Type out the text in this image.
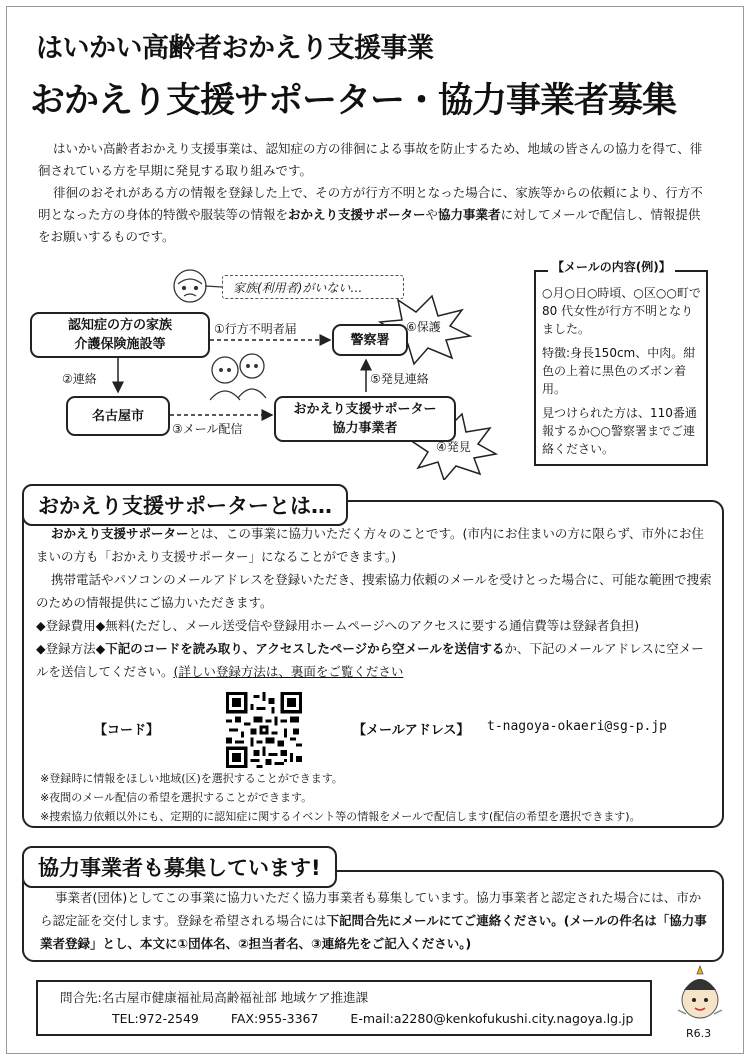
はいかい高齢者おかえり支援事業
おかえり支援サポーター・協力事業者募集

はいかい高齢者おかえり支援事業は、認知症の方の徘徊による事故を防止するため、地域の皆さんの協力を得て、徘徊されている方を早期に発見する取り組みです。

徘徊のおそれがある方の情報を登録した上で、その方が行方不明となった場合に、家族等からの依頼により、行方不明となった方の身体的特徴や服装等の情報をおかえり支援サポーターや協力事業者に対してメールで配信し、情報提供をお願いするものです。

家族(利用者)がいない…
認知症の方の家族
介護保険施設等	警察署
名古屋市	おかえり支援サポーター
協力事業者
①行方不明者届
②連絡
③メール配信
④発見
⑤発見連絡
⑥保護
【メールの内容(例)】

○月○日○時頃、○区○○町で 80 代女性が行方不明となりました。

特徴:身長150cm、中肉。紺色の上着に黒色のズボン着用。

見つけられた方は、110番通報するか○○警察署までご連絡ください。

おかえり支援サポーターとは…

おかえり支援サポーターとは、この事業に協力いただく方々のことです。(市内にお住まいの方に限らず、市外にお住まいの方も「おかえり支援サポーター」になることができます。)

携帯電話やパソコンのメールアドレスを登録いただき、捜索協力依頼のメールを受けとった場合に、可能な範囲で捜索のための情報提供にご協力いただきます。

◆登録費用◆無料(ただし、メール送受信や登録用ホームページへのアクセスに要する通信費等は登録者負担)
◆登録方法◆下記のコードを読み取り、アクセスしたページから空メールを送信するか、下記のメールアドレスに空メールを送信してください。(詳しい登録方法は、裏面をご覧ください
【コード】	【メールアドレス】 t-nagoya-okaeri@sg-p.jp
※登録時に情報をほしい地域(区)を選択することができます。
※夜間のメール配信の希望を選択することができます。
※捜索協力依頼以外にも、定期的に認知症に関するイベント等の情報をメールで配信します(配信の希望を選択できます)。
協力事業者も募集しています!

事業者(団体)としてこの事業に協力いただく協力事業者も募集しています。協力事業者と認定された場合には、市から認定証を交付します。登録を希望される場合には下記問合先にメールにてご連絡ください。(メールの件名は「協力事業者登録」とし、本文に①団体名、②担当者名、③連絡先をご記入ください。)

問合先:名古屋市健康福祉局高齢福祉部 地域ケア推進課
TEL:972-2549	FAX:955-3367	E-mail:a2280@kenkofukushi.city.nagoya.lg.jp
R6.3
